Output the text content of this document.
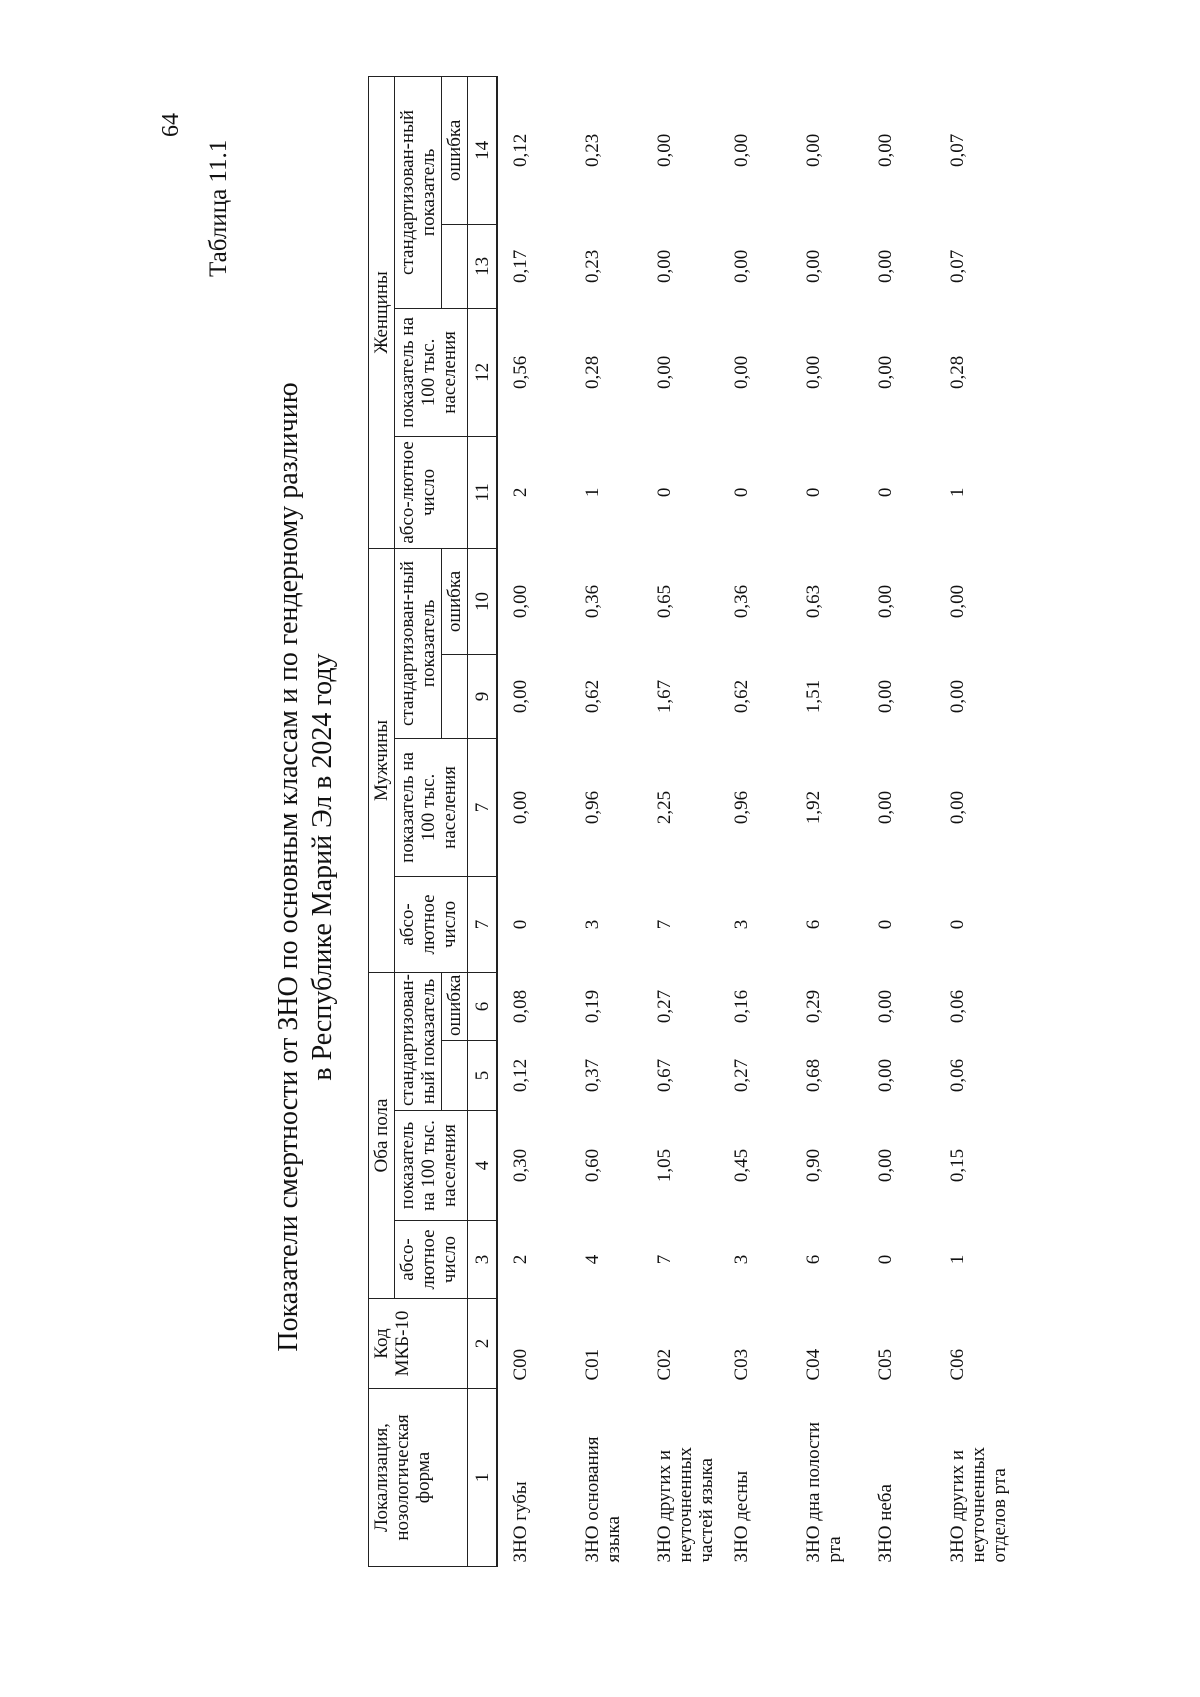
64
Таблица 11.1
Показатели смертности от ЗНО по основным классам и по гендерному различию в Республике Марий Эл в 2024 году
Локализация, нозологическая форма	Код МКБ-10	Оба пола				Мужчины				Женщины			
		абсо-лютное число	показатель на 100 тыс. населения	стандартизован-ный показатель		абсо-лютное число	показатель на 100 тыс. населения	стандартизован-ный показатель		абсо-лютное число	показатель на 100 тыс. населения	стандартизован-ный показатель	
					ошибка				ошибка				ошибка
1	2	3	4	5	6	7	7	9	10	11	12	13	14
ЗНО губы	С00	2	0,30	0,12	0,08	0	0,00	0,00	0,00	2	0,56	0,17	0,12
ЗНО основания языка	С01	4	0,60	0,37	0,19	3	0,96	0,62	0,36	1	0,28	0,23	0,23
ЗНО других и неуточненных частей языка	С02	7	1,05	0,67	0,27	7	2,25	1,67	0,65	0	0,00	0,00	0,00
ЗНО десны	С03	3	0,45	0,27	0,16	3	0,96	0,62	0,36	0	0,00	0,00	0,00
ЗНО дна полости рта	С04	6	0,90	0,68	0,29	6	1,92	1,51	0,63	0	0,00	0,00	0,00
ЗНО неба	С05	0	0,00	0,00	0,00	0	0,00	0,00	0,00	0	0,00	0,00	0,00
ЗНО других и неуточненных отделов рта	С06	1	0,15	0,06	0,06	0	0,00	0,00	0,00	1	0,28	0,07	0,07
